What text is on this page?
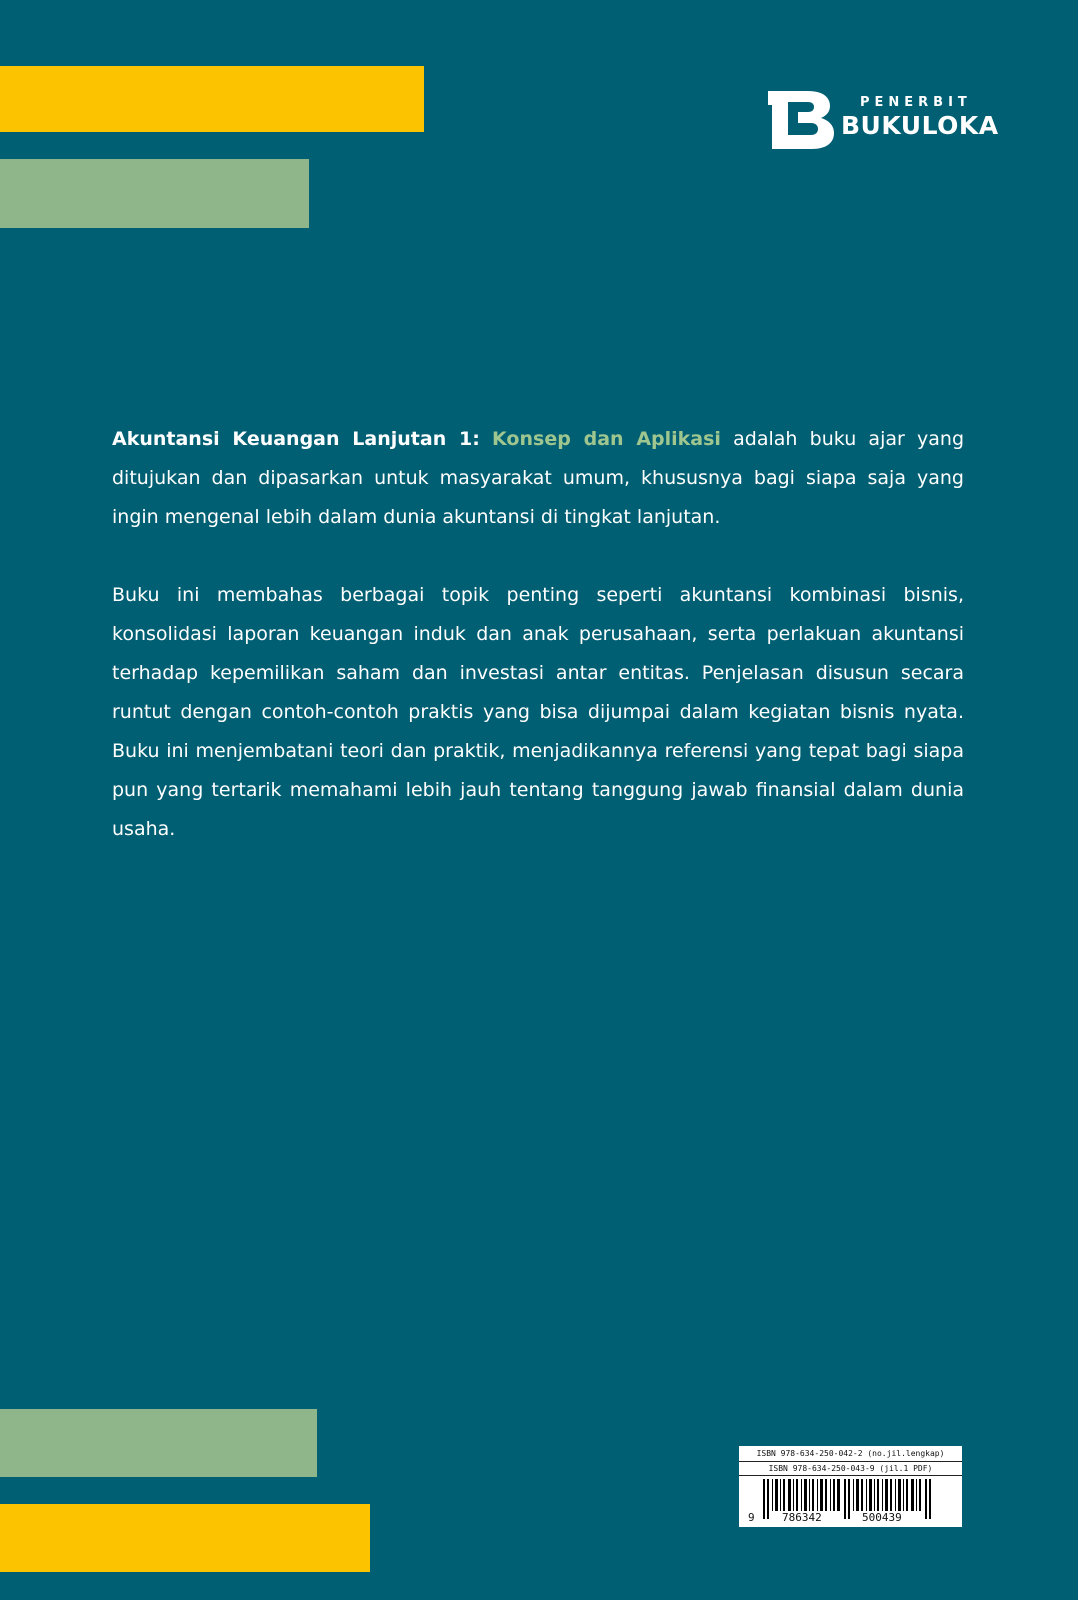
PENERBIT
BUKULOKA

Akuntansi Keuangan Lanjutan 1: Konsep dan Aplikasi adalah buku ajar yang ditujukan dan dipasarkan untuk masyarakat umum, khususnya bagi siapa saja yang ingin mengenal lebih dalam dunia akuntansi di tingkat lanjutan.

Buku ini membahas berbagai topik penting seperti akuntansi kombinasi bisnis, konsolidasi laporan keuangan induk dan anak perusahaan, serta perlakuan akuntansi terhadap kepemilikan saham dan investasi antar entitas. Penjelasan disusun secara runtut dengan contoh-contoh praktis yang bisa dijumpai dalam kegiatan bisnis nyata. Buku ini menjembatani teori dan praktik, menjadikannya referensi yang tepat bagi siapa pun yang tertarik memahami lebih jauh tentang tanggung jawab finansial dalam dunia usaha.

ISBN 978-634-250-042-2 (no.jil.lengkap)
ISBN 978-634-250-043-9 (jil.1 PDF)
9 786342	500439
